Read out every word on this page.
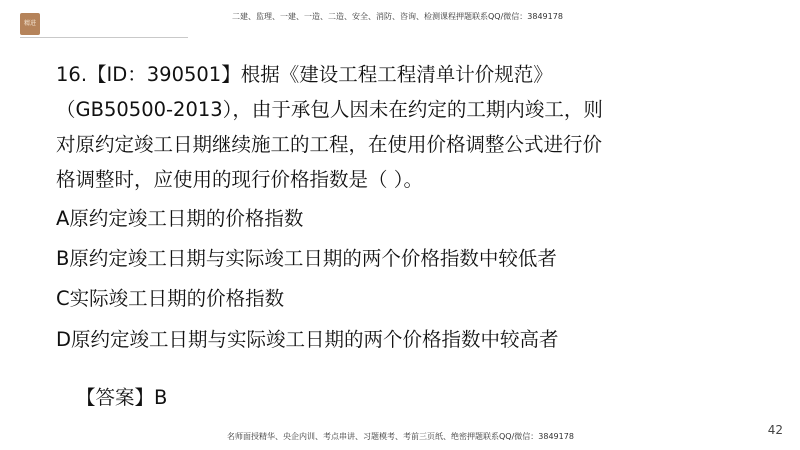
精进
二建、监理、一建、一造、二造、安全、消防、咨询、检测课程押题联系QQ/微信：3849178
16.【ID：390501】根据《建设工程工程清单计价规范》
（GB50500-2013），由于承包人因未在约定的工期内竣工，则
对原约定竣工日期继续施工的工程，在使用价格调整公式进行价
格调整时，应使用的现行价格指数是（ ）。
A原约定竣工日期的价格指数
B原约定竣工日期与实际竣工日期的两个价格指数中较低者
C实际竣工日期的价格指数
D原约定竣工日期与实际竣工日期的两个价格指数中较高者
【答案】B
42
名师面授精华、央企内训、考点串讲、习题模考、考前三页纸、绝密押题联系QQ/微信：3849178
